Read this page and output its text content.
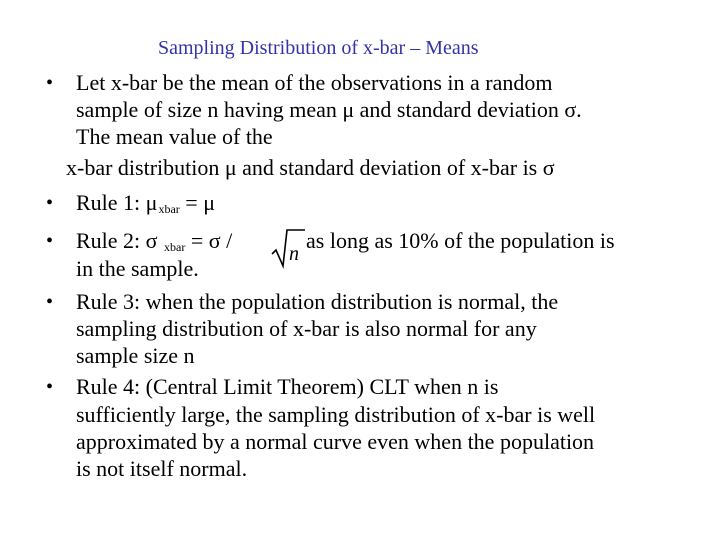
Sampling Distribution of x-bar – Means
• Let x-bar be the mean of the observations in a random
sample of size n having mean μ and standard deviation σ.
The mean value of the
x-bar distribution μ and standard deviation of x-bar is σ
• Rule 1: $\mu_{xbar} = \mu$
• Rule 2: σ $_{xbar}$ = σ /
n
as long as 10% of the population is
in the sample.
• Rule 3: when the population distribution is normal, the
sampling distribution of x-bar is also normal for any
sample size n
• Rule 4: (Central Limit Theorem) CLT when n is
sufficiently large, the sampling distribution of x-bar is well
approximated by a normal curve even when the population
is not itself normal.
